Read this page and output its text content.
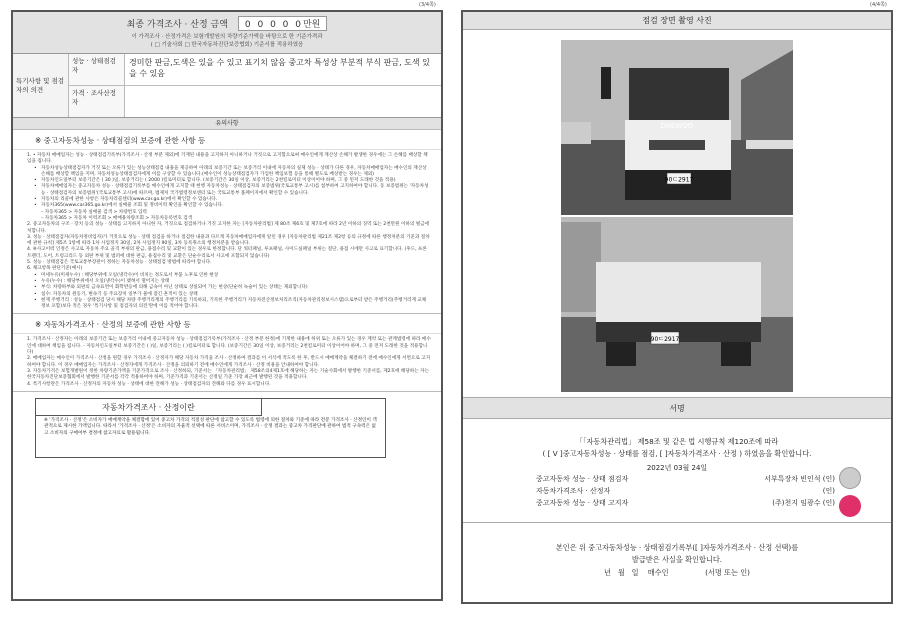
(3/4쪽)
최종 가격조사 · 산정 금액 0 0 0 0 0만원
이 가격조사 · 산정가격은 보험개발원의 차량기준가액을 바탕으로 한 기준가격과
( □ 기술사회 □ 한국자동차진단보증협회) 기준서를 적용하였음
특기사항 및 점검자의 의견
성능 · 상태점검자
경미한 판금,도색은 있을 수 있고 표기치 않음 중고차 특성상 부분적 부식 판금, 도색 있을 수 있음
가격 · 조사산정자
유의사항
※ 중고자동차성능 · 상태점검의 보증에 관한 사항 등
1. • 자동차 매매업자는 성능 · 상태점검기록부(가격조사 · 산정 부분 제외)에 기재된 내용을 고지하지 아니하거나 거짓으로 고지함으로써 매수인에게 재산상 손해가 발생한 경우에는 그 손해를 배상할 책임을 집니다.
• 자동차성능상태점검자가 거짓 또는 오류가 있는 성능상태점검 내용을 제공하여 아래의 보증기간 또는 보증거리 이내에 자동차의 실제 성능 · 상태가 다른 경우, 자동차매매업자는 매수인의 재산상 손해를 배상할 책임을 지며, 자동차성능상태점검자에게 이를 구상할 수 있습니다.(매수인이 성능상태점검자가 가입한 책임보험 등을 통해 별도로 배상받는 경우는 제외)
• 자동차인도일부터 보증기간은 ( 30 )일, 보증거리는 ( 2000 )킬로미터로 합니다. (보증기간은 30일 이상, 보증거리는 2천킬로미터 이상이어야 하며, 그 중 먼저 도래한 것을 적용)
• 자동차매매업자는 중고자동차 성능 · 상태점검기록부를 매수인에게 고지할 때 현행 자동차성능 · 상태점검자의 보증범위(국토교통부 고시)를 첨부하여 고지하여야 합니다. 동 보증범위는 '자동차성능 · 상태점검자의 보증범위'(국토교통부 고시)에 따르며, 법제처 국가법령정보센터 또는 국토교통부 홈페이지에서 확인할 수 있습니다.
• 자동차의 리콜에 관한 사항은 자동차리콜센터(www.car.go.kr)에서 확인할 수 있습니다.
• 자동차365(www.car365.go.kr)에서 실매물 조회 및 정비이력 확인을 확인할 수 있습니다.
– 자동차365 > 자동차 실매물 검색 > 차량번호 입력
– 자동차365 > 자동차 이력조회 > 매매용차량조회 > 자동차등록번호 검색
2. 중고자동차의 구조 · 장치 등의 성능 · 상태를 고지하지 아니한 자, 거짓으로 점검하거나 거짓 고지한 자는 [자동차관리법] 제 80조 제6호 및 제7호에 따라 2년 이하의 징역 또는 2천만원 이하의 벌금에 처합니다.
3. 성능 · 상태점검자(자동차정비업자)가 거짓으로 성능 · 상태 점검을 하거나 점검한 내용과 다르게 자동차매매업자에게 알린 경우 [자동차관리법 제21조 제2항 등의 규정에 따른 행정처분의 기준과 절차에 관한 규칙] 제5조 1항에 따라 1차 사업정지 30일, 2차 사업정지 90일, 3차 등록취소의 행정처분을 받습니다.
4. ※사고이력 인정은 사고로 자동차 주요 골격 부위의 판금, 용접수리 및 교환이 있는 경우로 한정합니다. 단 쿼터패널, 루프패널, 사이드실패널 부위는 절단, 용접 시에만 사고로 표기합니다. (후드, 프론트펜더, 도어, 트렁크리드 등 외판 부위 및 범퍼에 대한 판금, 용접수리 및 교환은 단순수리로서 사고에 포함되지 않습니다)
5. 성능 · 상태점검은 국토교통부장관이 정하는 자동차성능 · 상태점검 방법에 따라야 합니다.
6. 체크항목 판단기준(예시)
• 미세누유(미세누수) : 해당부위에 오일(냉각수)이 비치는 정도로서 부품 노후로 인한 현상
• 누유(누수) : 해당부위에서 오일(냉각수)이 맺혀서 떨어지는 상태
• 부식: 차량하부와 외판의 금속표면이 화학반응에 의해 금속이 아닌 상태로 상실되어 가는 현상(단순히 녹슬어 있는 상태는 제외합니다)
• 침수: 자동차의 원동기, 변속기 등 주요장치 일부가 물에 잠긴 흔적이 있는 상태
• 현재 주행거리 : 성능 · 상태점검 당시 해당 차량 주행거리계의 주행거리를 기록하되, 기록한 주행거리가 자동차전산정보처리조직(자동차관리정보시스템)으로부터 받은 주행거리(주행거리계 교체 정보 포함)보다 적은 경우 '특기사항 및 점검자의 의견'란에 이를 적어야 합니다.
※ 자동차가격조사 · 산정의 보증에 관한 사항 등
1. 가격조사 · 산정자는 아래의 보증기간 또는 보증거리 이내에 중고자동차 성능 · 상태점검기록부(가격조사 · 산정 부분 한정)에 기재한 내용에 허위 또는 오류가 있는 경우 계약 또는 관계법령에 따라 매수인에 대하여 책임을 집니다. - 자동차인도일부터 보증기간은 ( )일, 보증거리는 ( )킬로미터로 합니다. (보증기간은 30일 이상, 보증거리는 2천킬로미터 이상이어야 하며, 그 중 먼저 도래한 것을 적용합니다)
2. 매매업자는 매수인이 가격조사 · 산정을 원할 경우 가격조사 · 산정자가 해당 자동차 가격을 조사 · 산정하여 결과를 이 서식에 적도록 한 후, 반드시 매매계약을 체결하기 전에 매수인에게 서면으로 고지하여야 합니다. 이 경우 매매업자는 가격조사 · 산정자에게 가격조사 · 산정을 의뢰하기 전에 매수인에게 가격조사 · 산정 비용을 안내하여야 합니다.
3. 자동차가격은 보험개발원이 정한 차량기준가액을 기준가격으로 조사 · 산정하되, 기준서는 「자동차관리법」 제58조의4제1호에 해당하는 자는 기술사회에서 발행한 기준서를, 제2호에 해당하는 자는 한국자동차진단보증협회에서 발행한 기준서를 각각 적용하여야 하며, 기준가격과 기준서는 산정일 기준 가장 최근에 발행된 것을 적용합니다.
4. 특기사항란은 가격조사 · 산정자의 자동차 성능 · 상태에 대한 견해가 성능 · 상태점검자의 견해와 다를 경우 표시합니다.
자동차가격조사 · 산정이란
※ '가격조사 · 산정'은 소비자가 매매계약을 체결함에 있어 중고차 가격의 적절성 판단에 참고할 수 있도록 법령에 의한 절차와 기준에 따라 전문 가격조사 · 산정인이 객관적으로 제시한 가액입니다. 따라서 '가격조사 · 산정'은 소비자의 자율적 선택에 따른 서비스이며, 가격조사 · 산정 결과는 중고차 가격판단에 관하여 법적 구속력은 없고 소비자의 구매여부 결정에 참고자료로 활용됩니다.
(4/4쪽)
점검 장면 촬영 사진
DAEWOO
90ㄷ2917
90ㄷ2917
서명
「「자동차관리법」 제58조 및 같은 법 시행규칙 제120조에 따라
( [ V ]중고자동차성능 · 상태를 점검, [ ]자동차가격조사 · 산정 ) 하였음을 확인합니다.
2022년 03월 24일
중고자동차 성능 · 상태 점검자
자동차가격조사 · 산정자
중고자동차 성능 · 상태 고지자
서부특장차 빈인석 (인)
(인)
(주)천지 임광수 (인)
본인은 위 중고자동차성능 · 상태점검기록부([ ]자동차가격조사 · 산정 선택)를
발급받은 사실을 확인합니다.
년   월   일    매수인                (서명 또는 인)
